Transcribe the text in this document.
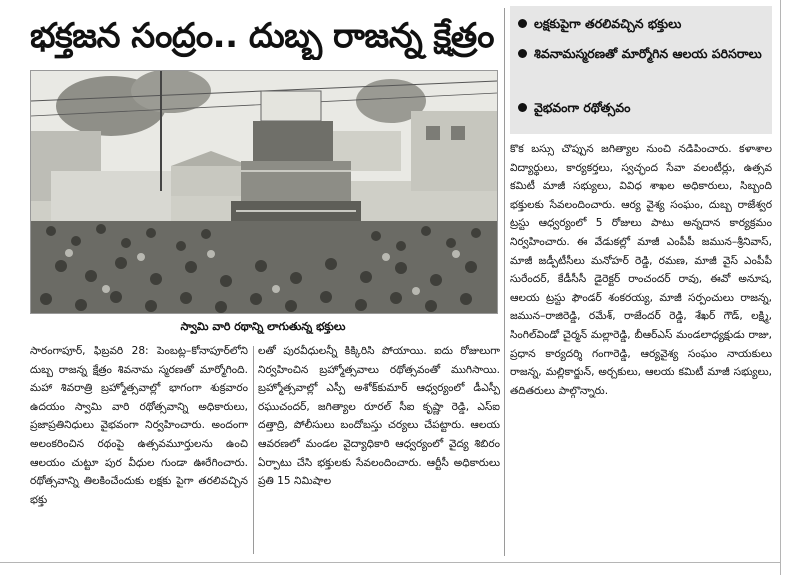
భక్తజన సంద్రం.. దుబ్బ రాజన్న క్షేత్రం
స్వామి వారి రథాన్ని లాగుతున్న భక్తులు
సారంగాపూర్, ఫిబ్రవరి 28: పెంబట్ల–కోనాపూర్‌లోని దుబ్బ రాజన్న క్షేత్రం శివనామ స్మరణతో మార్మోగింది. మహా శివరాత్రి బ్రహ్మోత్సవాల్లో భాగంగా శుక్రవారం ఉదయం స్వామి వారి రథోత్సవాన్ని అధికారులు, ప్రజాప్రతినిధులు వైభవంగా నిర్వహించారు. అందంగా అలంకరించిన రథంపై ఉత్సవమూర్తులను ఉంచి ఆలయం చుట్టూ పుర వీధుల గుండా ఊరేగించారు. రథోత్సవాన్ని తిలకించేందుకు లక్షకు పైగా తరలివచ్చిన భక్తు
లతో పురవీధులన్నీ కిక్కిరిసి పోయాయి. ఐదు రోజులుగా నిర్వహించిన బ్రహ్మోత్సవాలు రథోత్సవంతో ముగిసాయి. బ్రహ్మోత్సవాల్లో ఎస్పీ అశోక్‌కుమార్ ఆధ్వర్యంలో డీఎస్పీ రఘుచందర్, జగిత్యాల రూరల్ సీఐ కృష్ణా రెడ్డి, ఎస్ఐ దత్తాద్రి, పోలీసులు బందోబస్తు చర్యలు చేపట్టారు. ఆలయ ఆవరణలో మండల వైద్యాధికారి ఆధ్వర్యంలో వైద్య శిబిరం ఏర్పాటు చేసి భక్తులకు సేవలందించారు. ఆర్టీసీ అధికారులు ప్రతి 15 నిమిషాల
లక్షకుపైగా తరలివచ్చిన భక్తులు
శివనామస్మరణతో మార్మోగిన ఆలయ పరిసరాలు
వైభవంగా రథోత్సవం
కొక బస్సు చొప్పున జగిత్యాల నుంచి నడిపించారు. కళాశాల విద్యార్థులు, కార్యకర్తలు, స్వచ్ఛంద సేవా వలంటీర్లు, ఉత్సవ కమిటీ మాజీ సభ్యులు, వివిధ శాఖల అధికారులు, సిబ్బంది భక్తులకు సేవలందించారు. ఆర్య వైశ్య సంఘం, దుబ్బ రాజేశ్వర ట్రస్టు ఆధ్వర్యంలో 5 రోజులు పాటు అన్నదాన కార్యక్రమం నిర్వహించారు. ఈ వేడుకల్లో మాజీ ఎంపీపీ జమున–శ్రీనివాస్, మాజీ జడ్పీటీసీలు మనోహర్ రెడ్డి, రమణ, మాజీ వైస్ ఎంపీపీ సురేందర్, కేడీసీసీ డైరెక్టర్ రాంచందర్ రావు, ఈవో అనూష, ఆలయ ట్రస్టు ఫౌండర్ శంకరయ్య, మాజీ సర్పంచులు రాజన్న, జమున–రాజిరెడ్డి, రమేశ్, రాజేందర్ రెడ్డి, శేఖర్ గౌడ్, లక్ష్మి, సింగిల్‌విండో చైర్మన్ మల్లారెడ్డి, బీఆర్ఎస్ మండలాధ్యక్షుడు రాజు, ప్రధాన కార్యదర్శి గంగారెడ్డి, ఆర్యవైశ్య సంఘం నాయకులు రాజన్న, మల్లికార్జున్, అర్చకులు, ఆలయ కమిటీ మాజీ సభ్యులు, తదితరులు పాల్గొన్నారు.
